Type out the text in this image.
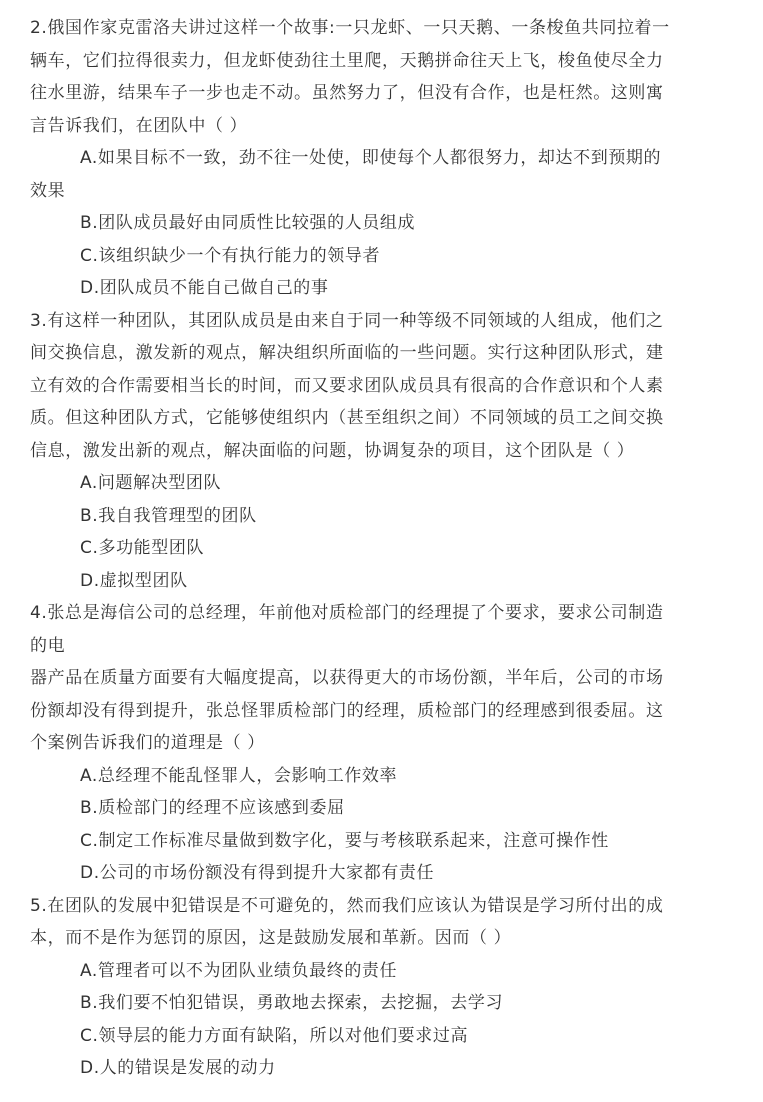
2.俄国作家克雷洛夫讲过这样一个故事:一只龙虾、一只天鹅、一条梭鱼共同拉着一
辆车，它们拉得很卖力，但龙虾使劲往土里爬，天鹅拼命往天上飞，梭鱼使尽全力
往水里游，结果车子一步也走不动。虽然努力了，但没有合作，也是枉然。这则寓
言告诉我们，在团队中（ ）

A.如果目标不一致，劲不往一处使，即使每个人都很努力，却达不到预期的
效果

B.团队成员最好由同质性比较强的人员组成

C.该组织缺少一个有执行能力的领导者

D.团队成员不能自己做自己的事

3.有这样一种团队，其团队成员是由来自于同一种等级不同领域的人组成，他们之
间交换信息，激发新的观点，解决组织所面临的一些问题。实行这种团队形式，建
立有效的合作需要相当长的时间，而又要求团队成员具有很高的合作意识和个人素
质。但这种团队方式，它能够使组织内（甚至组织之间）不同领域的员工之间交换
信息，激发出新的观点，解决面临的问题，协调复杂的项目，这个团队是（ ）

A.问题解决型团队

B.我自我管理型的团队

C.多功能型团队

D.虚拟型团队

4.张总是海信公司的总经理，年前他对质检部门的经理提了个要求，要求公司制造
的电
器产品在质量方面要有大幅度提高，以获得更大的市场份额，半年后，公司的市场
份额却没有得到提升，张总怪罪质检部门的经理，质检部门的经理感到很委屈。这
个案例告诉我们的道理是（ ）

A.总经理不能乱怪罪人，会影响工作效率

B.质检部门的经理不应该感到委屈

C.制定工作标准尽量做到数字化，要与考核联系起来，注意可操作性

D.公司的市场份额没有得到提升大家都有责任

5.在团队的发展中犯错误是不可避免的，然而我们应该认为错误是学习所付出的成
本，而不是作为惩罚的原因，这是鼓励发展和革新。因而（ ）

A.管理者可以不为团队业绩负最终的责任

B.我们要不怕犯错误，勇敢地去探索，去挖掘，去学习

C.领导层的能力方面有缺陷，所以对他们要求过高

D.人的错误是发展的动力
